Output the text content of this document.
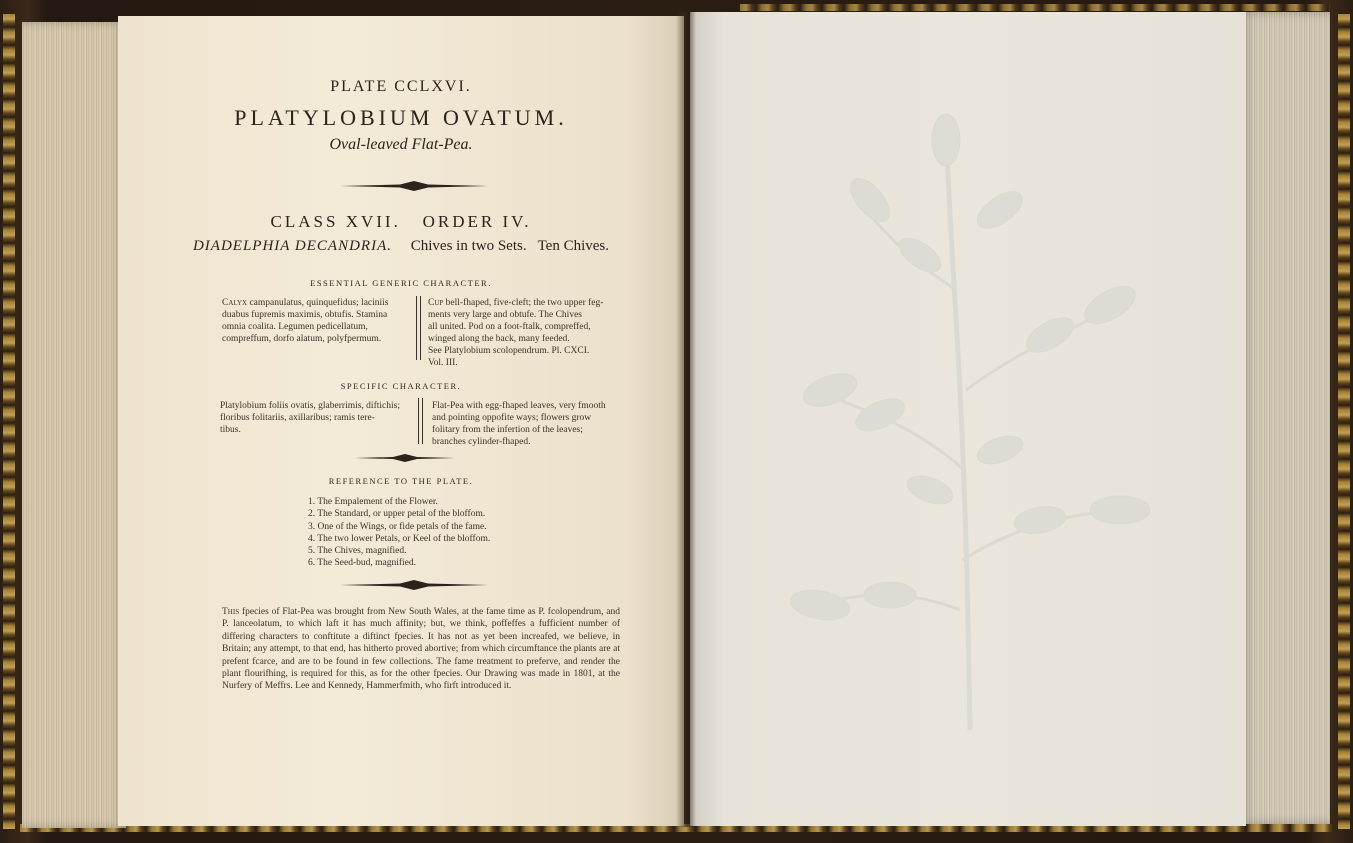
PLATE CCLXVI.
PLATYLOBIUM OVATUM.
Oval-leaved Flat-Pea.
CLASS XVII.   ORDER IV.
DIADELPHIA DECANDRIA. Chives in two Sets.   Ten Chives.
ESSENTIAL GENERIC CHARACTER.

Calyx campanulatus, quinquefidus; laciniis

duabus fupremis maximis, obtufis. Stamina

omnia coalita. Legumen pedicellatum,

compreffum, dorfo alatum, polyfpermum.

Cup bell-fhaped, five-cleft; the two upper feg-

ments very large and obtufe. The Chives

all united. Pod on a foot-ftalk, compreffed,

winged along the back, many feeded.

See Platylobium scolopendrum. Pl. CXCI.

Vol. III.

SPECIFIC CHARACTER.

Platylobium foliis ovatis, glaberrimis, diftichis;

floribus folitariis, axillaribus; ramis tere-

tibus.

Flat-Pea with egg-fhaped leaves, very fmooth

and pointing oppofite ways; flowers grow

folitary from the infertion of the leaves;

branches cylinder-fhaped.

REFERENCE TO THE PLATE.
1. The Empalement of the Flower.
2. The Standard, or upper petal of the bloffom.
3. One of the Wings, or fide petals of the fame.
4. The two lower Petals, or Keel of the bloffom.
5. The Chives, magnified.
6. The Seed-bud, magnified.
This fpecies of Flat-Pea was brought from New South Wales, at the fame time as P. fcolopendrum, and P. lanceolatum, to which laft it has much affinity; but, we think, poffeffes a fufficient number of differing characters to conftitute a diftinct fpecies. It has not as yet been increafed, we believe, in Britain; any attempt, to that end, has hitherto proved abortive; from which circumftance the plants are at prefent fcarce, and are to be found in few collections. The fame treatment to preferve, and render the plant flourifhing, is required for this, as for the other fpecies. Our Drawing was made in 1801, at the Nurfery of Meffrs. Lee and Kennedy, Hammerfmith, who firft introduced it.
